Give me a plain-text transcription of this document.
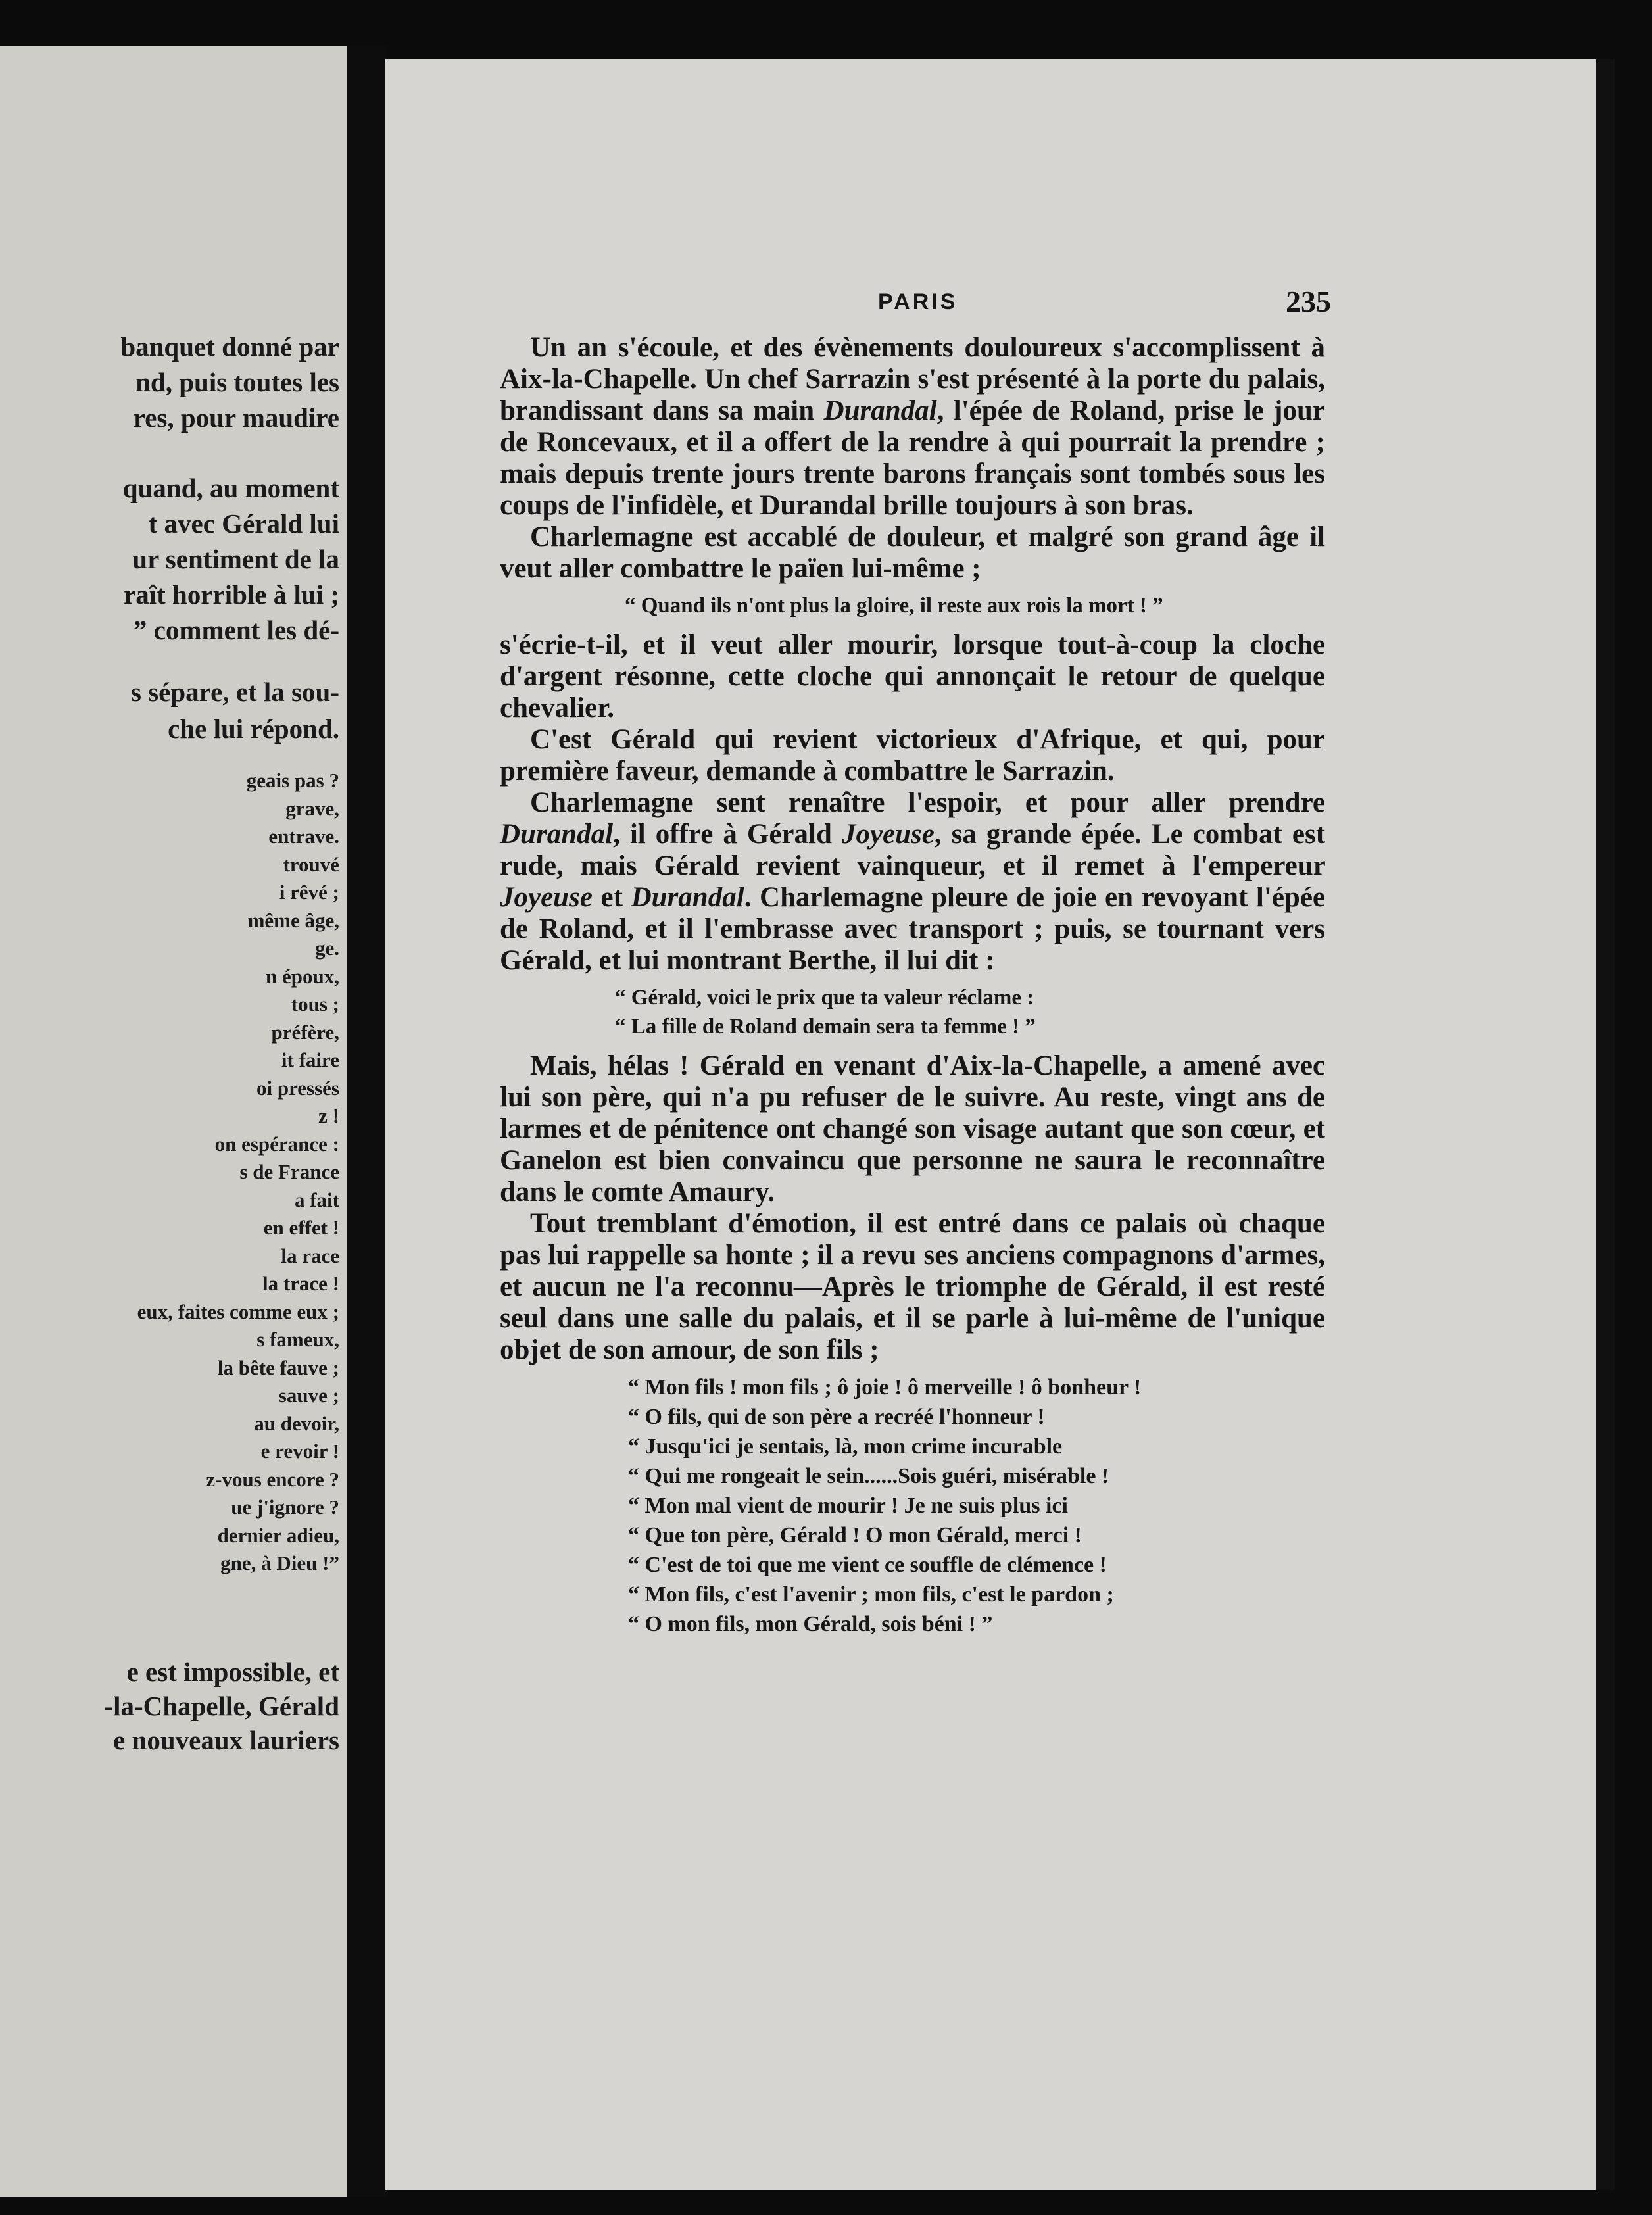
banquet donné par
nd, puis toutes les
res, pour maudire
quand, au moment
t avec Gérald lui
ur sentiment de la
raît horrible à lui ;
” comment les dé-
s sépare, et la sou-
che lui répond.
geais pas ?
grave,
entrave.
trouvé
i rêvé ;
même âge,
ge.
n époux,
tous ;
préfère,
it faire
oi pressés
z !
on espérance :
s de France
a fait
en effet !
la race
la trace !
eux, faites comme eux ;
s fameux,
la bête fauve ;
sauve ;
au devoir,
e revoir !
z-vous encore ?
ue j'ignore ?
dernier adieu,
gne, à Dieu !”
e est impossible, et
-la-Chapelle, Gérald
e nouveaux lauriers
PARIS	235

Un an s'écoule, et des évènements douloureux s'accomplissent à Aix-la-Chapelle. Un chef Sarrazin s'est présenté à la porte du palais, brandissant dans sa main Durandal, l'épée de Roland, prise le jour de Roncevaux, et il a offert de la rendre à qui pourrait la prendre ; mais depuis trente jours trente barons français sont tombés sous les coups de l'infidèle, et Durandal brille toujours à son bras.

Charlemagne est accablé de douleur, et malgré son grand âge il veut aller combattre le païen lui-même ;

“ Quand ils n'ont plus la gloire, il reste aux rois la mort ! ”

s'écrie-t-il, et il veut aller mourir, lorsque tout-à-coup la cloche d'argent résonne, cette cloche qui annonçait le retour de quelque chevalier.

C'est Gérald qui revient victorieux d'Afrique, et qui, pour première faveur, demande à combattre le Sarrazin.

Charlemagne sent renaître l'espoir, et pour aller prendre Durandal, il offre à Gérald Joyeuse, sa grande épée. Le combat est rude, mais Gérald revient vainqueur, et il remet à l'empereur Joyeuse et Durandal. Charlemagne pleure de joie en revoyant l'épée de Roland, et il l'embrasse avec transport ; puis, se tournant vers Gérald, et lui montrant Berthe, il lui dit :

“ Gérald, voici le prix que ta valeur réclame :
“ La fille de Roland demain sera ta femme ! ”

Mais, hélas ! Gérald en venant d'Aix-la-Chapelle, a amené avec lui son père, qui n'a pu refuser de le suivre. Au reste, vingt ans de larmes et de pénitence ont changé son visage autant que son cœur, et Ganelon est bien convaincu que personne ne saura le reconnaître dans le comte Amaury.

Tout tremblant d'émotion, il est entré dans ce palais où chaque pas lui rappelle sa honte ; il a revu ses anciens compagnons d'armes, et aucun ne l'a reconnu—Après le triomphe de Gérald, il est resté seul dans une salle du palais, et il se parle à lui-même de l'unique objet de son amour, de son fils ;

“ Mon fils ! mon fils ; ô joie ! ô merveille ! ô bonheur !
“ O fils, qui de son père a recréé l'honneur !
“ Jusqu'ici je sentais, là, mon crime incurable
“ Qui me rongeait le sein......Sois guéri, misérable !
“ Mon mal vient de mourir ! Je ne suis plus ici
“ Que ton père, Gérald ! O mon Gérald, merci !
“ C'est de toi que me vient ce souffle de clémence !
“ Mon fils, c'est l'avenir ; mon fils, c'est le pardon ;
“ O mon fils, mon Gérald, sois béni ! ”
